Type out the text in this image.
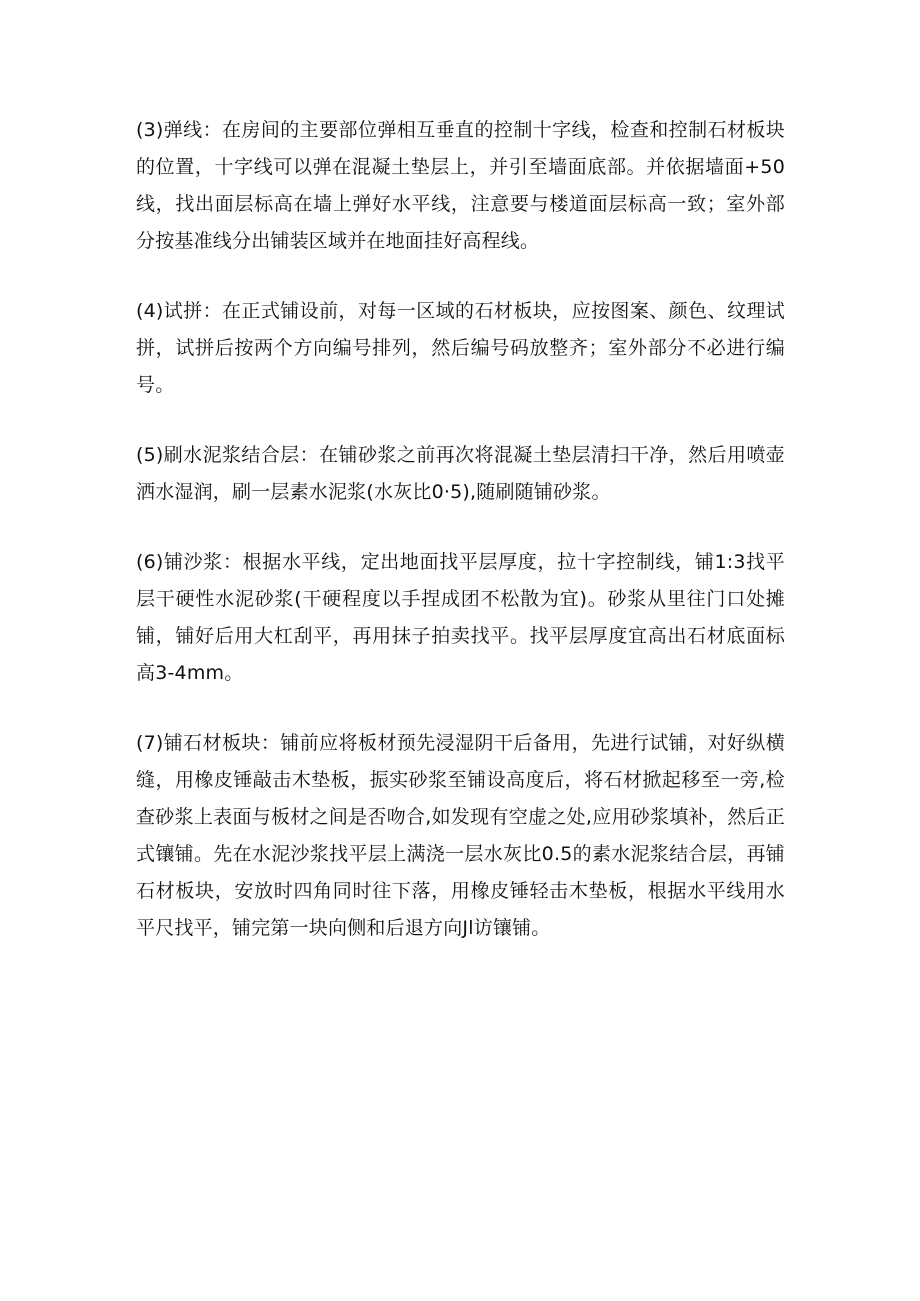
(3)弹线：在房间的主要部位弹相互垂直的控制十字线，检查和控制石材板块的位置，十字线可以弹在混凝土垫层上，并引至墙面底部。并依据墙面+50线，找出面层标高在墙上弹好水平线，注意要与楼道面层标高一致；室外部分按基准线分出铺装区域并在地面挂好高程线。

(4)试拼：在正式铺设前，对每一区域的石材板块，应按图案、颜色、纹理试拼，试拼后按两个方向编号排列，然后编号码放整齐；室外部分不必进行编号。

(5)刷水泥浆结合层：在铺砂浆之前再次将混凝土垫层清扫干净，然后用喷壶洒水湿润，刷一层素水泥浆(水灰比0·5),随刷随铺砂浆。

(6)铺沙浆：根据水平线，定出地面找平层厚度，拉十字控制线，铺1:3找平层干硬性水泥砂浆(干硬程度以手捏成团不松散为宜)。砂浆从里往门口处摊铺，铺好后用大杠刮平，再用抹子拍卖找平。找平层厚度宜高出石材底面标高3-4mm。

(7)铺石材板块：铺前应将板材预先浸湿阴干后备用，先进行试铺，对好纵横缝，用橡皮锤敲击木垫板，振实砂浆至铺设高度后，将石材掀起移至一旁,检查砂浆上表面与板材之间是否吻合,如发现有空虚之处,应用砂浆填补，然后正式镶铺。先在水泥沙浆找平层上满浇一层水灰比0.5的素水泥浆结合层，再铺石材板块，安放时四角同时往下落，用橡皮锤轻击木垫板，根据水平线用水平尺找平，铺完第一块向侧和后退方向Jl访镶铺。
